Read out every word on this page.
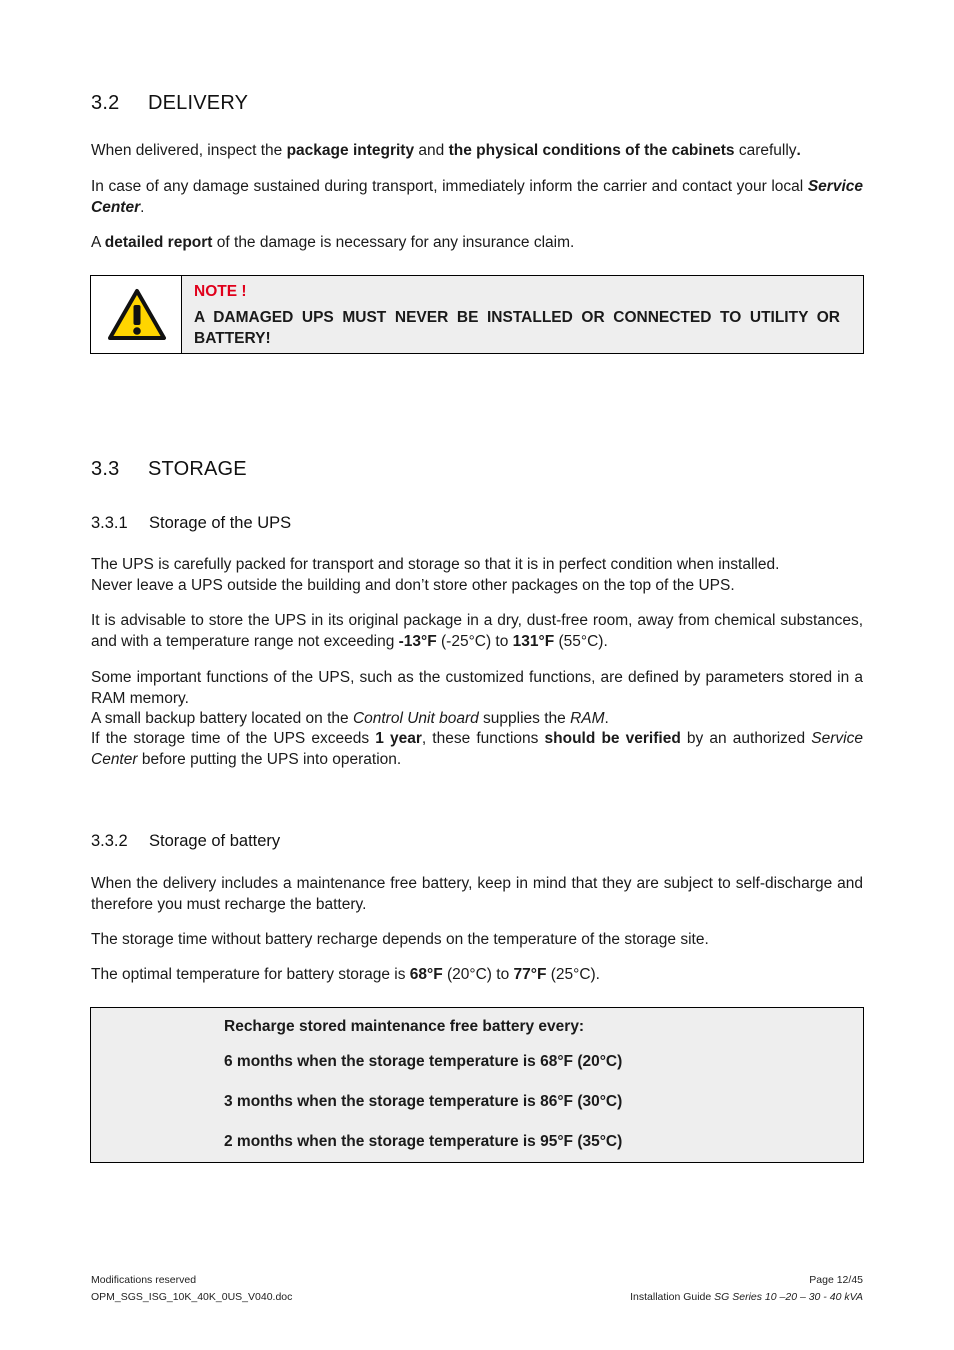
3.2 DELIVERY

When delivered, inspect the package integrity and the physical conditions of the cabinets carefully.

In case of any damage sustained during transport, immediately inform the carrier and contact your local Service Center.

A detailed report of the damage is necessary for any insurance claim.

NOTE !
A DAMAGED UPS MUST NEVER BE INSTALLED OR CONNECTED TO UTILITY OR BATTERY!
3.3 STORAGE
3.3.1 Storage of the UPS

The UPS is carefully packed for transport and storage so that it is in perfect condition when installed.
Never leave a UPS outside the building and don’t store other packages on the top of the UPS.

It is advisable to store the UPS in its original package in a dry, dust-free room, away from chemical substances, and with a temperature range not exceeding -13°F (-25°C) to 131°F (55°C).

Some important functions of the UPS, such as the customized functions, are defined by parameters stored in a RAM memory.

A small backup battery located on the Control Unit board supplies the RAM.

If the storage time of the UPS exceeds 1 year, these functions should be verified by an authorized Service Center before putting the UPS into operation.

3.3.2 Storage of battery

When the delivery includes a maintenance free battery, keep in mind that they are subject to self-discharge and therefore you must recharge the battery.

The storage time without battery recharge depends on the temperature of the storage site.

The optimal temperature for battery storage is 68°F (20°C) to 77°F (25°C).

Recharge stored maintenance free battery every:
6 months when the storage temperature is 68°F (20°C)
3 months when the storage temperature is 86°F (30°C)
2 months when the storage temperature is 95°F (35°C)
Modifications reserved
OPM_SGS_ISG_10K_40K_0US_V040.doc
Page 12/45
Installation Guide SG Series 10 –20 – 30 - 40 kVA
